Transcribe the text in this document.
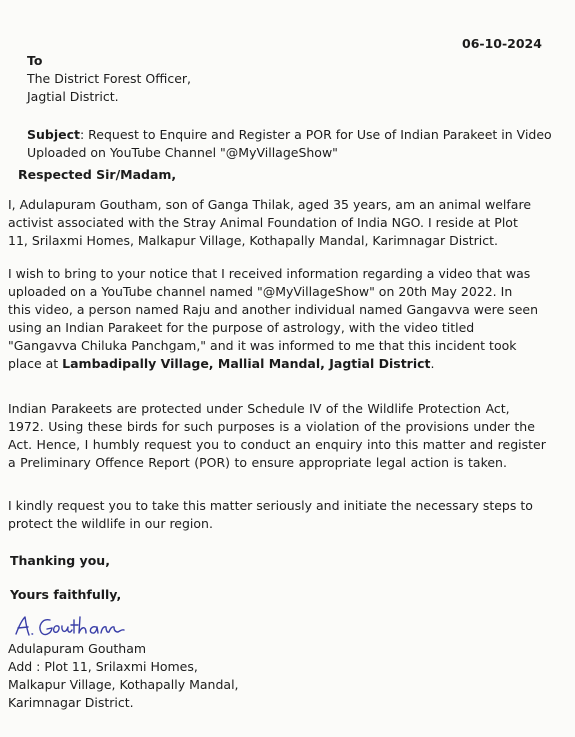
06-10-2024
To
The District Forest Officer,
Jagtial District.
Subject: Request to Enquire and Register a POR for Use of Indian Parakeet in Video
Uploaded on YouTube Channel "@MyVillageShow"
Respected Sir/Madam,
I, Adulapuram Goutham, son of Ganga Thilak, aged 35 years, am an animal welfare
activist associated with the Stray Animal Foundation of India NGO. I reside at Plot
11, Srilaxmi Homes, Malkapur Village, Kothapally Mandal, Karimnagar District.
I wish to bring to your notice that I received information regarding a video that was
uploaded on a YouTube channel named "@MyVillageShow" on 20th May 2022. In
this video, a person named Raju and another individual named Gangavva were seen
using an Indian Parakeet for the purpose of astrology, with the video titled
"Gangavva Chiluka Panchgam," and it was informed to me that this incident took
place at Lambadipally Village, Mallial Mandal, Jagtial District.
Indian Parakeets are protected under Schedule IV of the Wildlife Protection Act,
1972. Using these birds for such purposes is a violation of the provisions under the
Act. Hence, I humbly request you to conduct an enquiry into this matter and register
a Preliminary Offence Report (POR) to ensure appropriate legal action is taken.
I kindly request you to take this matter seriously and initiate the necessary steps to
protect the wildlife in our region.
Thanking you,
Yours faithfully,
Adulapuram Goutham
Add : Plot 11, Srilaxmi Homes,
Malkapur Village, Kothapally Mandal,
Karimnagar District.
